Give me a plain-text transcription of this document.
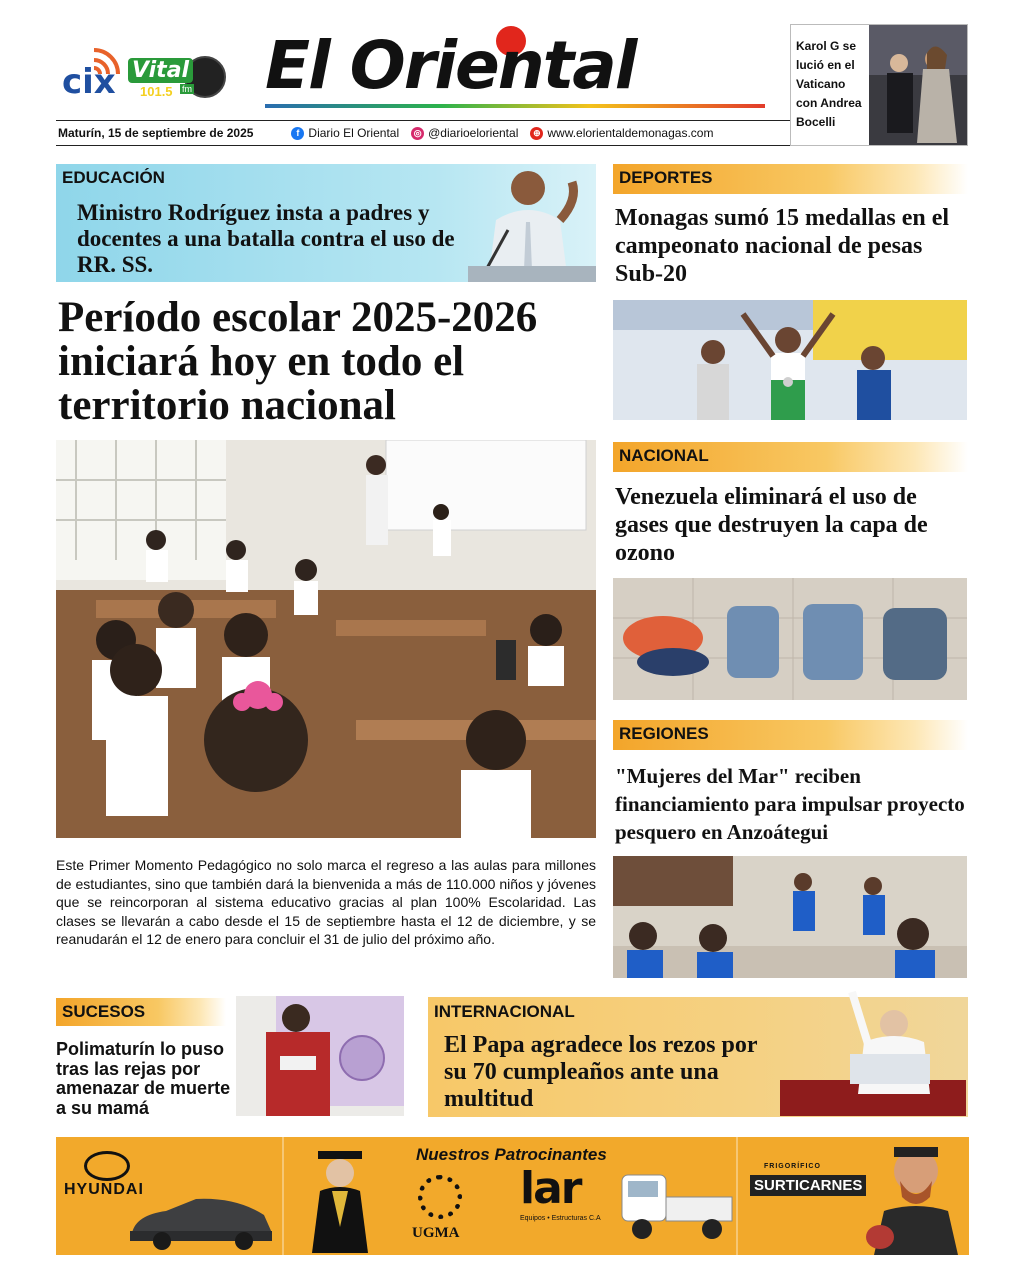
cix Vital
101.5 fm El Oriental
Maturín, 15 de septiembre de 2025	f Diario El Oriental ◎ @diarioeloriental	⊕ www.elorientaldemonagas.com
Karol G se lució en el Vaticano con Andrea Bocelli
EDUCACIÓN
Ministro Rodríguez insta a padres y docentes a una batalla contra el uso de RR. SS.
Período escolar 2025-2026 iniciará hoy en todo el territorio nacional
Este Primer Momento Pedagógico no solo marca el regreso a las aulas para millones de estudiantes, sino que también dará la bienvenida a más de 110.000 niños y jóvenes que se reincorporan al sistema educativo gracias al plan 100% Escolaridad. Las clases se llevarán a cabo desde el 15 de septiembre hasta el 12 de diciembre, y se reanudarán el 12 de enero para concluir el 31 de julio del próximo año.
DEPORTES
Monagas sumó 15 medallas en el campeonato nacional de pesas Sub-20
NACIONAL
Venezuela eliminará el uso de gases que destruyen la capa de ozono
REGIONES
"Mujeres del Mar" reciben financiamiento para impulsar proyecto pesquero en Anzoátegui
SUCESOS
Polimaturín lo puso tras las rejas por amenazar de muerte a su mamá
INTERNACIONAL
El Papa agradece los rezos por su 70 cumpleaños ante una multitud
HYUNDAI
UGMA
Nuestros Patrocinantes
lar
Equipos • Estructuras C.A
FRIGORÍFICO
SURTICARNES
